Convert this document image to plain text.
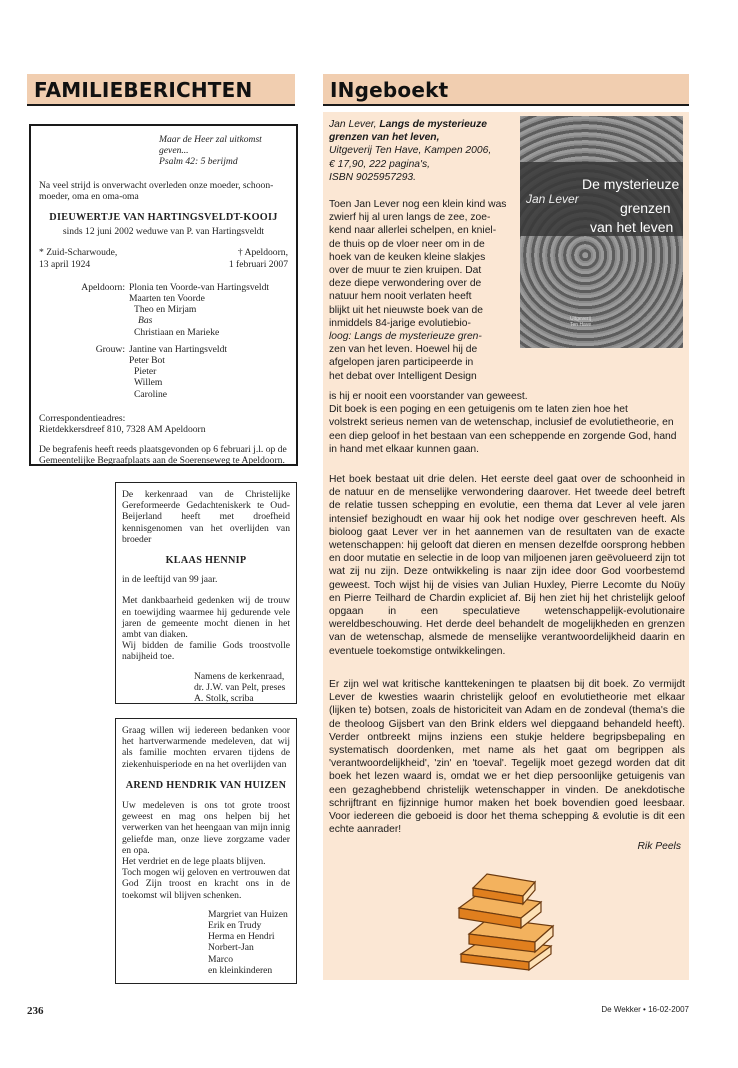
FAMILIEBERICHTEN	INgeboekt

Maar de Heer zal uitkomst geven...

Psalm 42: 5 berijmd

Na veel strijd is onverwacht overleden onze moeder, schoon-moeder, oma en oma-oma

DIEUWERTJE VAN HARTINGSVELDT-KOOIJ

sinds 12 juni 2002 weduwe van P. van Hartingsveldt

* Zuid-Scharwoude,

13 april 1924

† Apeldoorn,

1 februari 2007

Apeldoorn: Plonia ten Voorde-van Hartingsveldt

Maarten ten Voorde

Theo en Mirjam

Bas

Christiaan en Marieke

Grouw: Jantine van Hartingsveldt

Peter Bot

Pieter

Willem

Caroline

Correspondentieadres:

Rietdekkersdreef 810, 7328 AM Apeldoorn

De begrafenis heeft reeds plaatsgevonden op 6 februari j.l. op de Gemeentelijke Begraafplaats aan de Soerenseweg te Apeldoorn.

De kerkenraad van de Christelijke Gereformeerde Gedachteniskerk te Oud-Beijerland heeft met droefheid kennisgenomen van het overlijden van broeder

KLAAS HENNIP

in de leeftijd van 99 jaar.

Met dankbaarheid gedenken wij de trouw en toewijding waarmee hij gedurende vele jaren de gemeente mocht dienen in het ambt van diaken.

Wij bidden de familie Gods troostvolle nabijheid toe.

Namens de kerkenraad,

dr. J.W. van Pelt, preses

A. Stolk, scriba

Graag willen wij iedereen bedanken voor het hartverwarmende medeleven, dat wij als familie mochten ervaren tijdens de ziekenhuisperiode en na het overlijden van

AREND HENDRIK VAN HUIZEN

Uw medeleven is ons tot grote troost geweest en mag ons helpen bij het verwerken van het heengaan van mijn innig geliefde man, onze lieve zorgzame vader en opa.

Het verdriet en de lege plaats blijven.

Toch mogen wij geloven en vertrouwen dat God Zijn troost en kracht ons in de toekomst wil blijven schenken.

Margriet van Huizen

Erik en Trudy

Herma en Hendri

Norbert-Jan

Marco

en kleinkinderen

Jan Lever, Langs de mysterieuze grenzen van het leven,

Uitgeverij Ten Have, Kampen 2006,

€ 17,90, 222 pagina's,

ISBN 9025957293.

Toen Jan Lever nog een klein kind was

zwierf hij al uren langs de zee, zoe-

kend naar allerlei schelpen, en kniel-

de thuis op de vloer neer om in de

hoek van de keuken kleine slakjes

over de muur te zien kruipen. Dat

deze diepe verwondering over de

natuur hem nooit verlaten heeft

blijkt uit het nieuwste boek van de

inmiddels 84-jarige evolutiebio-

loog: Langs de mysterieuze gren-

zen van het leven. Hoewel hij de

afgelopen jaren participeerde in

het debat over Intelligent Design

is hij er nooit een voorstander van geweest.

Dit boek is een poging en een getuigenis om te laten zien hoe het

volstrekt serieus nemen van de wetenschap, inclusief de evolutietheorie, en

een diep geloof in het bestaan van een scheppende en zorgende God, hand

in hand met elkaar kunnen gaan.

Het boek bestaat uit drie delen. Het eerste deel gaat over de schoonheid in de natuur en de menselijke verwondering daarover. Het tweede deel betreft de relatie tussen schepping en evolutie, een thema dat Lever al vele jaren intensief bezighoudt en waar hij ook het nodige over geschreven heeft. Als bioloog gaat Lever ver in het aannemen van de resultaten van de exacte wetenschappen: hij gelooft dat dieren en mensen dezelfde oorsprong hebben en door mutatie en selectie in de loop van miljoenen jaren geëvolueerd zijn tot wat zij nu zijn. Deze ontwikkeling is naar zijn idee door God voorbestemd geweest. Toch wijst hij de visies van Julian Huxley, Pierre Lecomte du Noüy en Pierre Teilhard de Chardin expliciet af. Bij hen ziet hij het christelijk geloof opgaan in een speculatieve wetenschappelijk-evolutionaire wereldbeschouwing. Het derde deel behandelt de mogelijkheden en grenzen van de wetenschap, alsmede de menselijke verantwoordelijkheid daarin en eventuele toekomstige ontwikkelingen.
Er zijn wel wat kritische kanttekeningen te plaatsen bij dit boek. Zo vermijdt Lever de kwesties waarin christelijk geloof en evolutietheorie met elkaar (lijken te) botsen, zoals de historiciteit van Adam en de zondeval (thema's die de theoloog Gijsbert van den Brink elders wel diepgaand behandeld heeft). Verder ontbreekt mijns inziens een stukje heldere begripsbepaling en systematisch doordenken, met name als het gaat om begrippen als 'verantwoordelijkheid', 'zin' en 'toeval'. Tegelijk moet gezegd worden dat dit boek het lezen waard is, omdat we er het diep persoonlijke getuigenis van een gezaghebbend christelijk wetenschapper in vinden. De anekdotische schrijftrant en fijzinnige humor maken het boek bovendien goed leesbaar. Voor iedereen die geboeid is door het thema schepping & evolutie is dit een echte aanrader!
Rik Peels
De mysterieuze
Jan Lever
grenzen
van het leven
Uitgeverij
Ten Have
236	De Wekker • 16-02-2007
